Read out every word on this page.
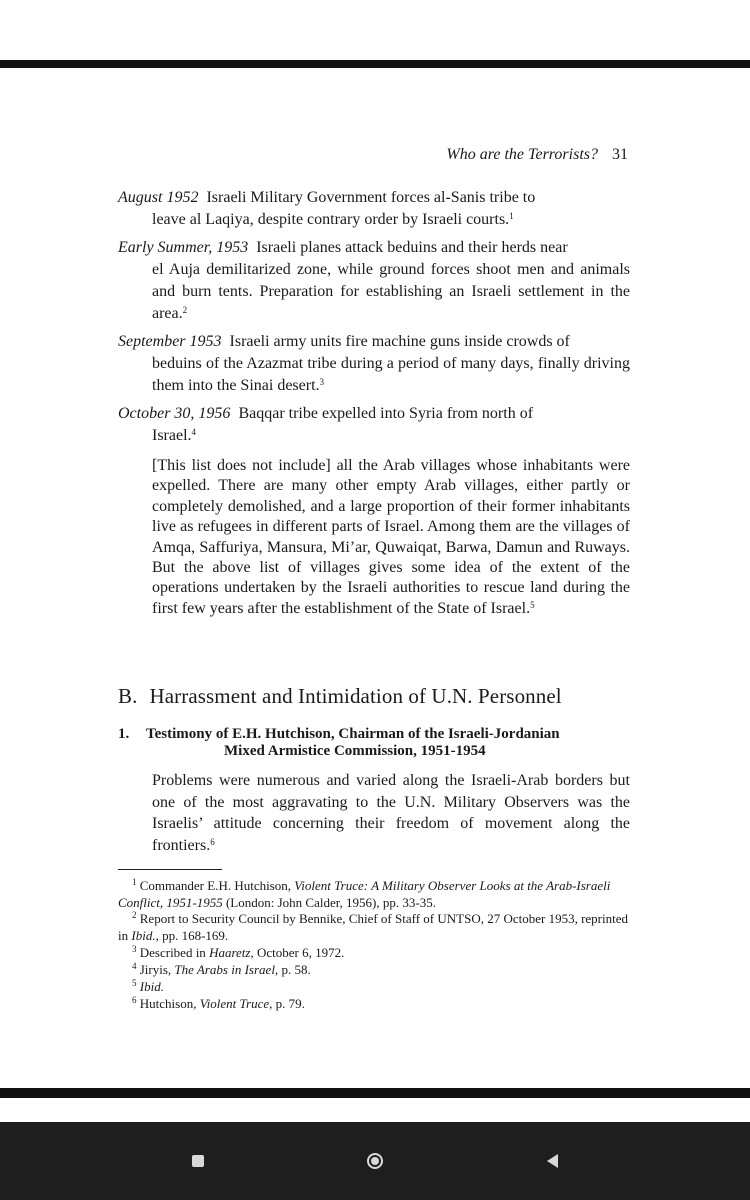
Who are the Terrorists? 31
August 1952 Israeli Military Government forces al-Sanis tribe to
leave al Laqiya, despite contrary order by Israeli courts.$^1$
Early Summer, 1953 Israeli planes attack beduins and their herds near
el Auja demilitarized zone, while ground forces shoot men and animals and burn tents. Preparation for establishing an Israeli settlement in the area.$^2$
September 1953 Israeli army units fire machine guns inside crowds of
beduins of the Azazmat tribe during a period of many days, finally driving them into the Sinai desert.$^3$
October 30, 1956 Baqqar tribe expelled into Syria from north of
Israel.$^4$
[This list does not include] all the Arab villages whose inhabitants were expelled. There are many other empty Arab villages, either partly or completely demolished, and a large proportion of their former inhabitants live as refugees in different parts of Israel. Among them are the villages of Amqa, Saffuriya, Mansura, Mi’ar, Quwaiqat, Barwa, Damun and Ruways. But the above list of villages gives some idea of the extent of the operations undertaken by the Israeli authorities to rescue land during the first few years after the establishment of the State of Israel.$^5$
B. Harrassment and Intimidation of U.N. Personnel
1. Testimony of E.H. Hutchison, Chairman of the Israeli-Jordanian
Mixed Armistice Commission, 1951-1954
Problems were numerous and varied along the Israeli-Arab borders but one of the most aggravating to the U.N. Military Observers was the Israelis’ attitude concerning their freedom of movement along the frontiers.$^6$
$^1$ Commander E.H. Hutchison, Violent Truce: A Military Observer Looks at the Arab-Israeli Conflict, 1951-1955 (London: John Calder, 1956), pp. 33-35.
$^2$ Report to Security Council by Bennike, Chief of Staff of UNTSO, 27 October 1953, reprinted in Ibid., pp. 168-169.
$^3$ Described in Haaretz, October 6, 1972.
$^4$ Jiryis, The Arabs in Israel, p. 58.
$^5$ Ibid.
$^6$ Hutchison, Violent Truce, p. 79.
